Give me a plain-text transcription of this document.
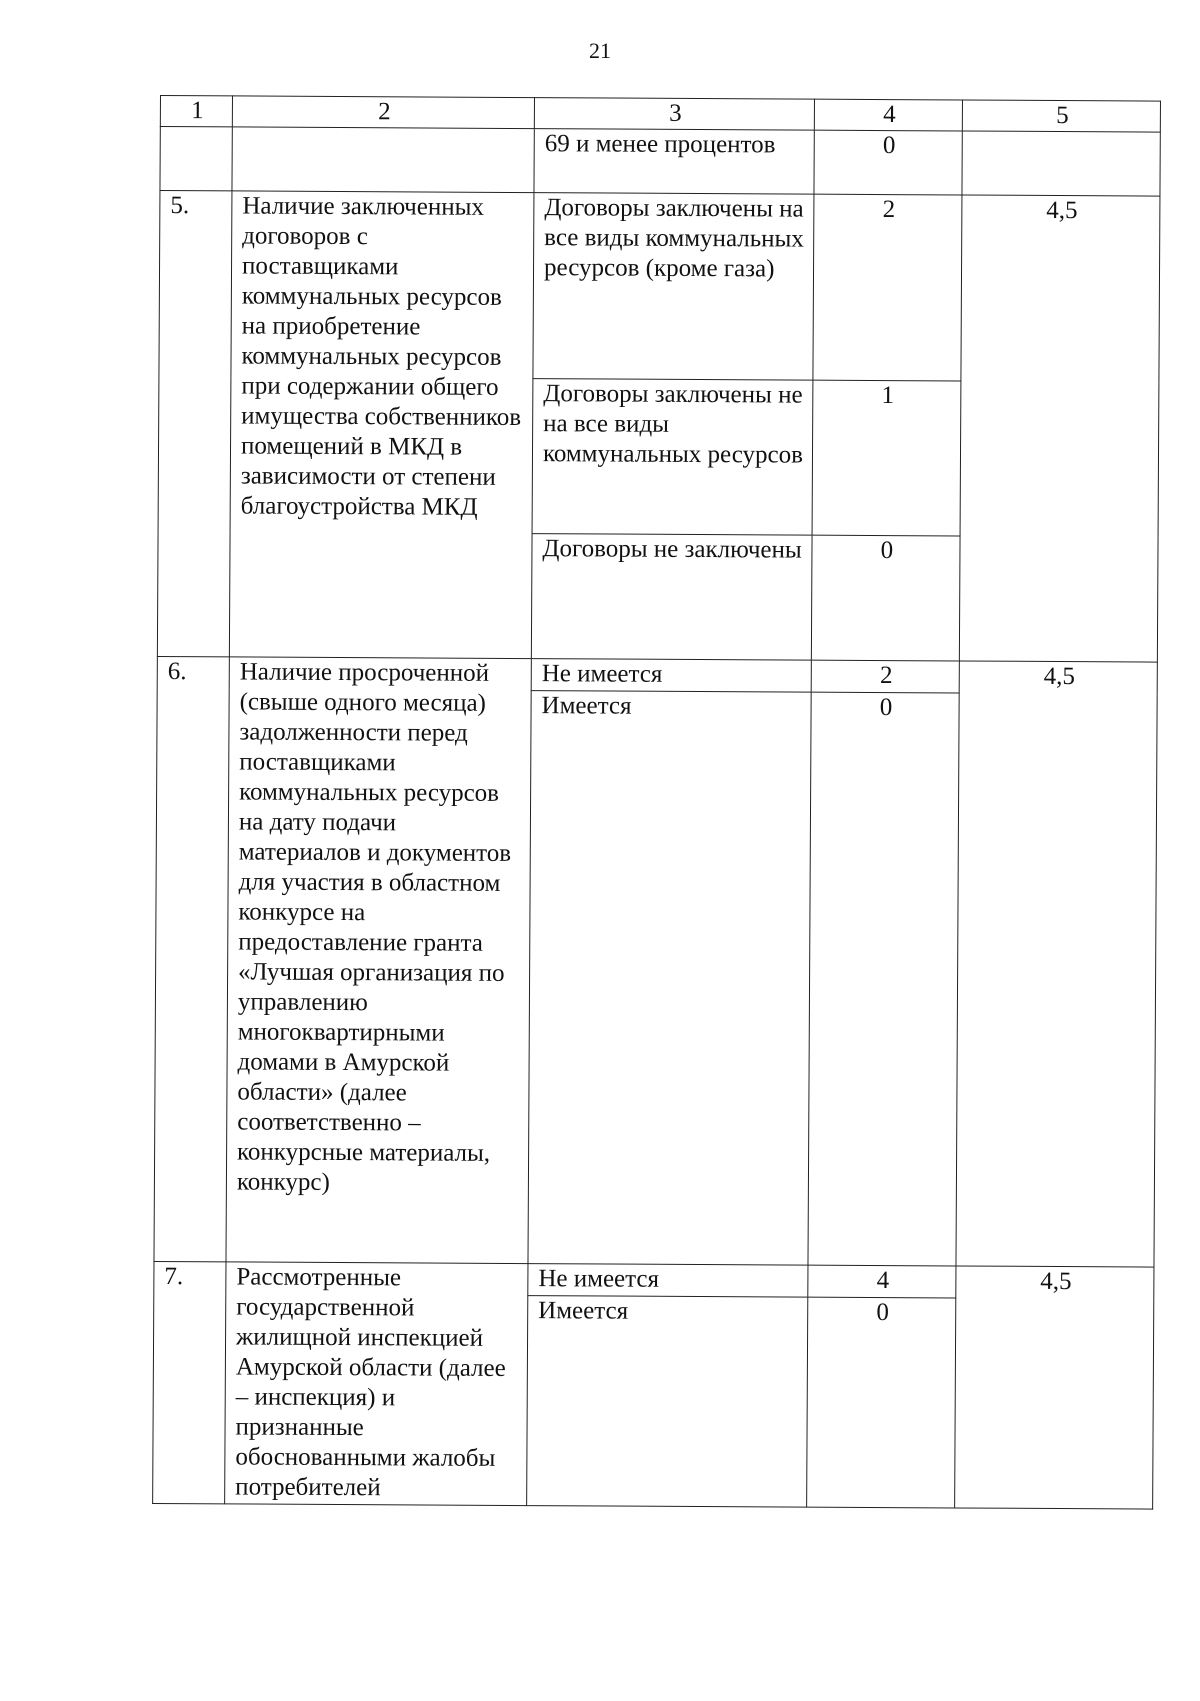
21
1	2	3	4	5
		69 и менее процентов	0	
5.	Наличие заключенных договоров с поставщиками коммунальных ресурсов на приобретение коммунальных ресурсов при содержании общего имущества собственников помещений в МКД в зависимости от степени благоустройства МКД	Договоры заключены на все виды коммунальных ресурсов (кроме газа)	2	4,5
		Договоры заключены не на все виды коммунальных ресурсов	1	
		Договоры не заключены	0	
6.	Наличие просроченной (свыше одного месяца) задолженности перед поставщиками коммунальных ресурсов на дату подачи материалов и документов для участия в областном конкурсе на предоставление гранта «Лучшая организация по управлению многоквартирными домами в Амурской области» (далее соответственно – конкурсные материалы, конкурс)	Не имеется	2	4,5
		Имеется	0	
7.	Рассмотренные государственной жилищной инспекцией Амурской области (далее – инспекция) и признанные обоснованными жалобы потребителей	Не имеется	4	4,5
		Имеется	0	
